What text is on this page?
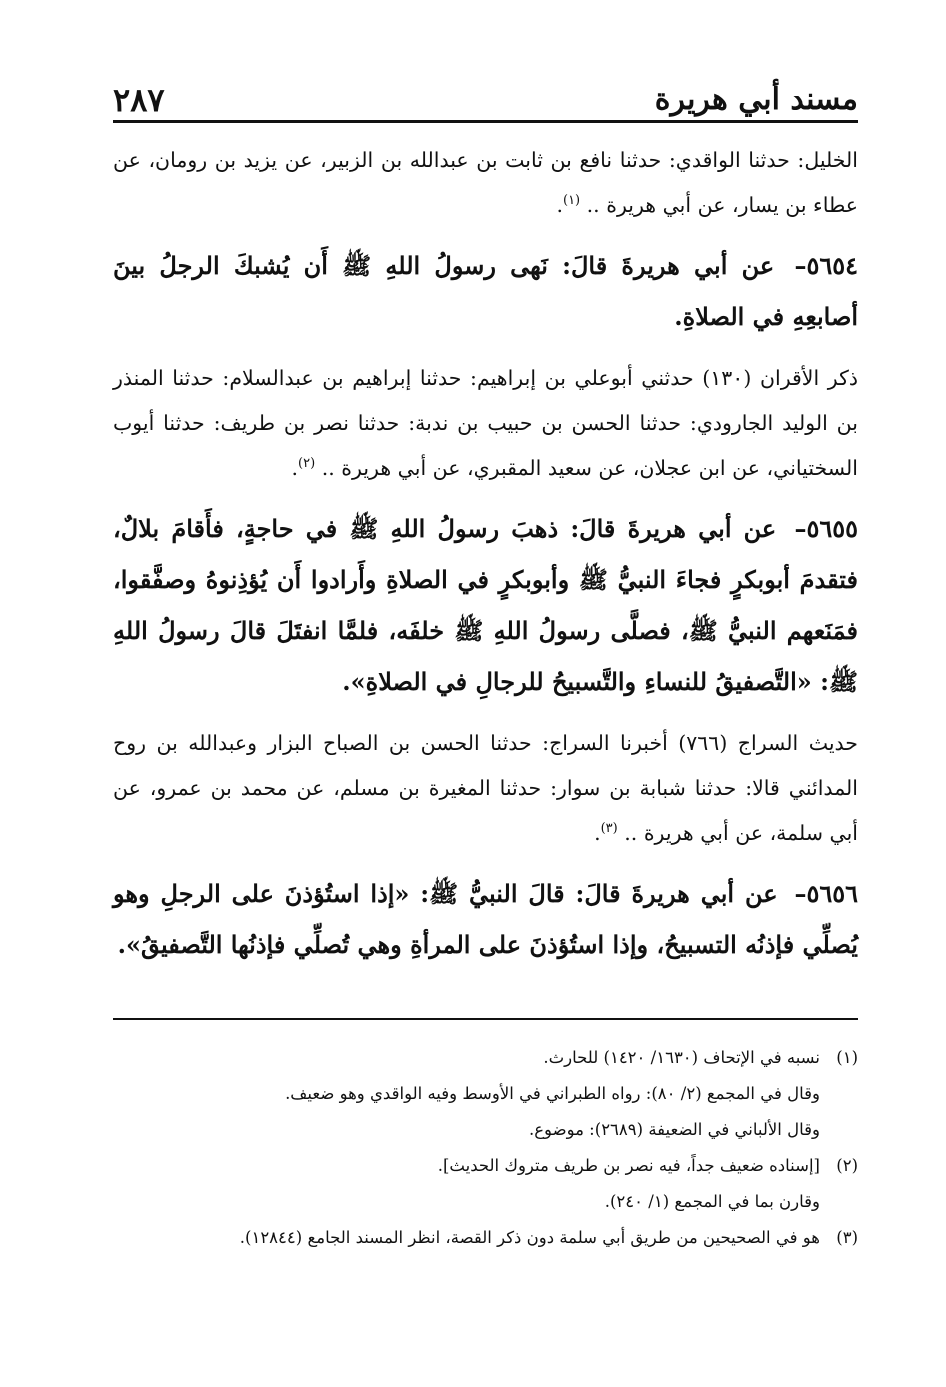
مسند أبي هريرة
٢٨٧

الخليل: حدثنا الواقدي: حدثنا نافع بن ثابت بن عبدالله بن الزبير، عن يزيد بن رومان، عن عطاء بن يسار، عن أبي هريرة .. $^{(١)}$.

٥٦٥٤– عن أبي هريرةَ قالَ: نَهى رسولُ اللهِ ﷺ أَن يُشبكَ الرجلُ بينَ أصابعِهِ في الصلاةِ.

ذكر الأقران (١٣٠) حدثني أبوعلي بن إبراهيم: حدثنا إبراهيم بن عبدالسلام: حدثنا المنذر بن الوليد الجارودي: حدثنا الحسن بن حبيب بن ندبة: حدثنا نصر بن طريف: حدثنا أيوب السختياني، عن ابن عجلان، عن سعيد المقبري، عن أبي هريرة .. $^{(٢)}$.

٥٦٥٥– عن أبي هريرةَ قالَ: ذهبَ رسولُ اللهِ ﷺ في حاجةٍ، فأَقامَ بلالٌ، فتقدمَ أبوبكرٍ فجاءَ النبيُّ ﷺ وأبوبكرٍ في الصلاةِ وأَرادوا أَن يُؤذِنوهُ وصفَّقوا، فمَنَعهم النبيُّ ﷺ، فصلَّى رسولُ اللهِ ﷺ خلفَه، فلمَّا انفتَلَ قالَ رسولُ اللهِ ﷺ: «التَّصفيقُ للنساءِ والتَّسبيحُ للرجالِ في الصلاةِ».

حديث السراج (٧٦٦) أخبرنا السراج: حدثنا الحسن بن الصباح البزار وعبدالله بن روح المدائني قالا: حدثنا شبابة بن سوار: حدثنا المغيرة بن مسلم، عن محمد بن عمرو، عن أبي سلمة، عن أبي هريرة .. $^{(٣)}$.

٥٦٥٦– عن أبي هريرةَ قالَ: قالَ النبيُّ ﷺ: «إذا استُؤذنَ على الرجلِ وهو يُصلِّي فإذنُه التسبيحُ، وإذا استُؤذنَ على المرأةِ وهي تُصلِّي فإذنُها التَّصفيقُ».

(١)
نسبه في الإتحاف (١٦٣٠/ ١٤٢٠) للحارث.
وقال في المجمع (٢/ ٨٠): رواه الطبراني في الأوسط وفيه الواقدي وهو ضعيف.
وقال الألباني في الضعيفة (٢٦٨٩): موضوع.
(٢)
[إسناده ضعيف جداً، فيه نصر بن طريف متروك الحديث].
وقارن بما في المجمع (١/ ٢٤٠).
(٣)
هو في الصحيحين من طريق أبي سلمة دون ذكر القصة، انظر المسند الجامع (١٢٨٤٤).
